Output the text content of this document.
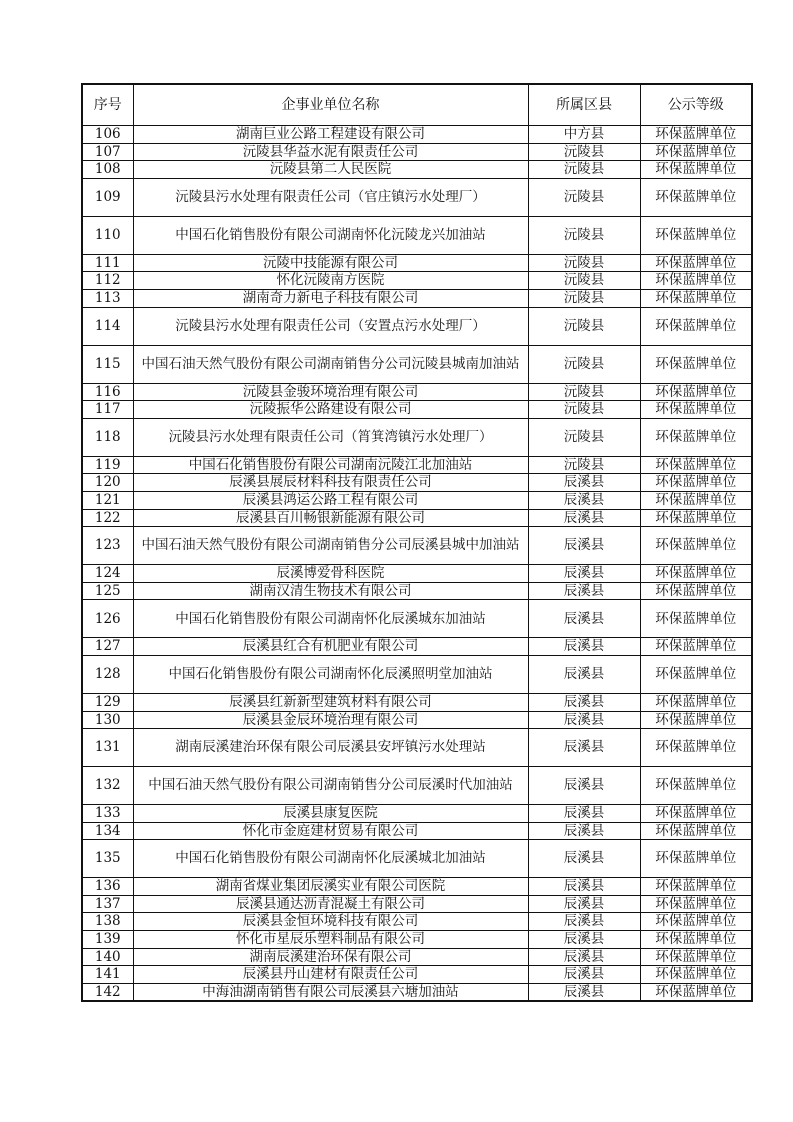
序号	企事业单位名称	所属区县	公示等级
106	湖南巨业公路工程建设有限公司	中方县	环保蓝牌单位
107	沅陵县华益水泥有限责任公司	沅陵县	环保蓝牌单位
108	沅陵县第二人民医院	沅陵县	环保蓝牌单位
109	沅陵县污水处理有限责任公司（官庄镇污水处理厂）	沅陵县	环保蓝牌单位
110	中国石化销售股份有限公司湖南怀化沅陵龙兴加油站	沅陵县	环保蓝牌单位
111	沅陵中技能源有限公司	沅陵县	环保蓝牌单位
112	怀化沅陵南方医院	沅陵县	环保蓝牌单位
113	湖南奇力新电子科技有限公司	沅陵县	环保蓝牌单位
114	沅陵县污水处理有限责任公司（安置点污水处理厂）	沅陵县	环保蓝牌单位
115	中国石油天然气股份有限公司湖南销售分公司沅陵县城南加油站	沅陵县	环保蓝牌单位
116	沅陵县金骏环境治理有限公司	沅陵县	环保蓝牌单位
117	沅陵振华公路建设有限公司	沅陵县	环保蓝牌单位
118	沅陵县污水处理有限责任公司（筲箕湾镇污水处理厂）	沅陵县	环保蓝牌单位
119	中国石化销售股份有限公司湖南沅陵江北加油站	沅陵县	环保蓝牌单位
120	辰溪县展辰材料科技有限责任公司	辰溪县	环保蓝牌单位
121	辰溪县鸿运公路工程有限公司	辰溪县	环保蓝牌单位
122	辰溪县百川畅银新能源有限公司	辰溪县	环保蓝牌单位
123	中国石油天然气股份有限公司湖南销售分公司辰溪县城中加油站	辰溪县	环保蓝牌单位
124	辰溪博爱骨科医院	辰溪县	环保蓝牌单位
125	湖南汉清生物技术有限公司	辰溪县	环保蓝牌单位
126	中国石化销售股份有限公司湖南怀化辰溪城东加油站	辰溪县	环保蓝牌单位
127	辰溪县红合有机肥业有限公司	辰溪县	环保蓝牌单位
128	中国石化销售股份有限公司湖南怀化辰溪照明堂加油站	辰溪县	环保蓝牌单位
129	辰溪县红新新型建筑材料有限公司	辰溪县	环保蓝牌单位
130	辰溪县金辰环境治理有限公司	辰溪县	环保蓝牌单位
131	湖南辰溪建治环保有限公司辰溪县安坪镇污水处理站	辰溪县	环保蓝牌单位
132	中国石油天然气股份有限公司湖南销售分公司辰溪时代加油站	辰溪县	环保蓝牌单位
133	辰溪县康复医院	辰溪县	环保蓝牌单位
134	怀化市金庭建材贸易有限公司	辰溪县	环保蓝牌单位
135	中国石化销售股份有限公司湖南怀化辰溪城北加油站	辰溪县	环保蓝牌单位
136	湖南省煤业集团辰溪实业有限公司医院	辰溪县	环保蓝牌单位
137	辰溪县通达沥青混凝土有限公司	辰溪县	环保蓝牌单位
138	辰溪县金恒环境科技有限公司	辰溪县	环保蓝牌单位
139	怀化市星辰乐塑料制品有限公司	辰溪县	环保蓝牌单位
140	湖南辰溪建治环保有限公司	辰溪县	环保蓝牌单位
141	辰溪县丹山建材有限责任公司	辰溪县	环保蓝牌单位
142	中海油湖南销售有限公司辰溪县六塘加油站	辰溪县	环保蓝牌单位
